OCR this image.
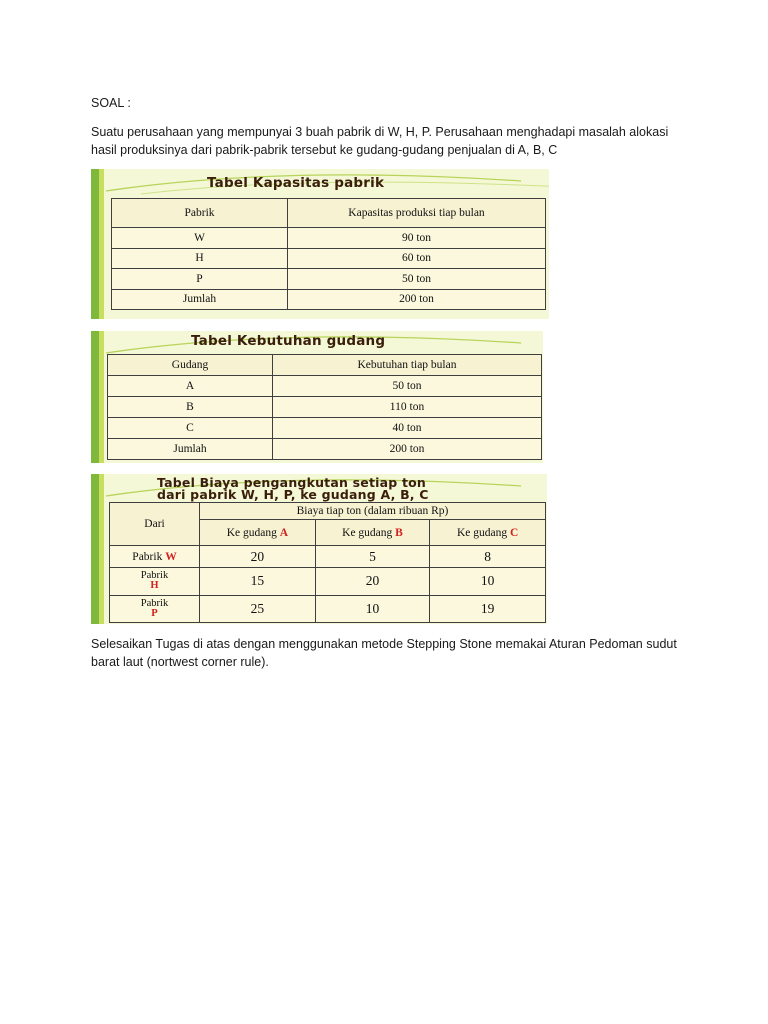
SOAL :

Suatu perusahaan yang mempunyai 3 buah pabrik di W, H, P. Perusahaan menghadapi masalah alokasi hasil produksinya dari pabrik-pabrik tersebut ke gudang-gudang penjualan di A, B, C

Tabel Kapasitas pabrik
Pabrik	Kapasitas produksi tiap bulan
W	90 ton
H	60 ton
P	50 ton
Jumlah	200 ton
Tabel Kebutuhan gudang
Gudang	Kebutuhan tiap bulan
A	50 ton
B	110 ton
C	40 ton
Jumlah	200 ton
Tabel Biaya pengangkutan setiap ton
dari pabrik W, H, P, ke gudang A, B, C
Dari	Biaya tiap ton (dalam ribuan Rp)		
	Ke gudang A	Ke gudang B	Ke gudang C
Pabrik W	20	5	8
Pabrik
H	15	20	10
Pabrik
P	25	10	19

Selesaikan Tugas di atas dengan menggunakan metode Stepping Stone memakai Aturan Pedoman sudut barat laut (nortwest corner rule).
